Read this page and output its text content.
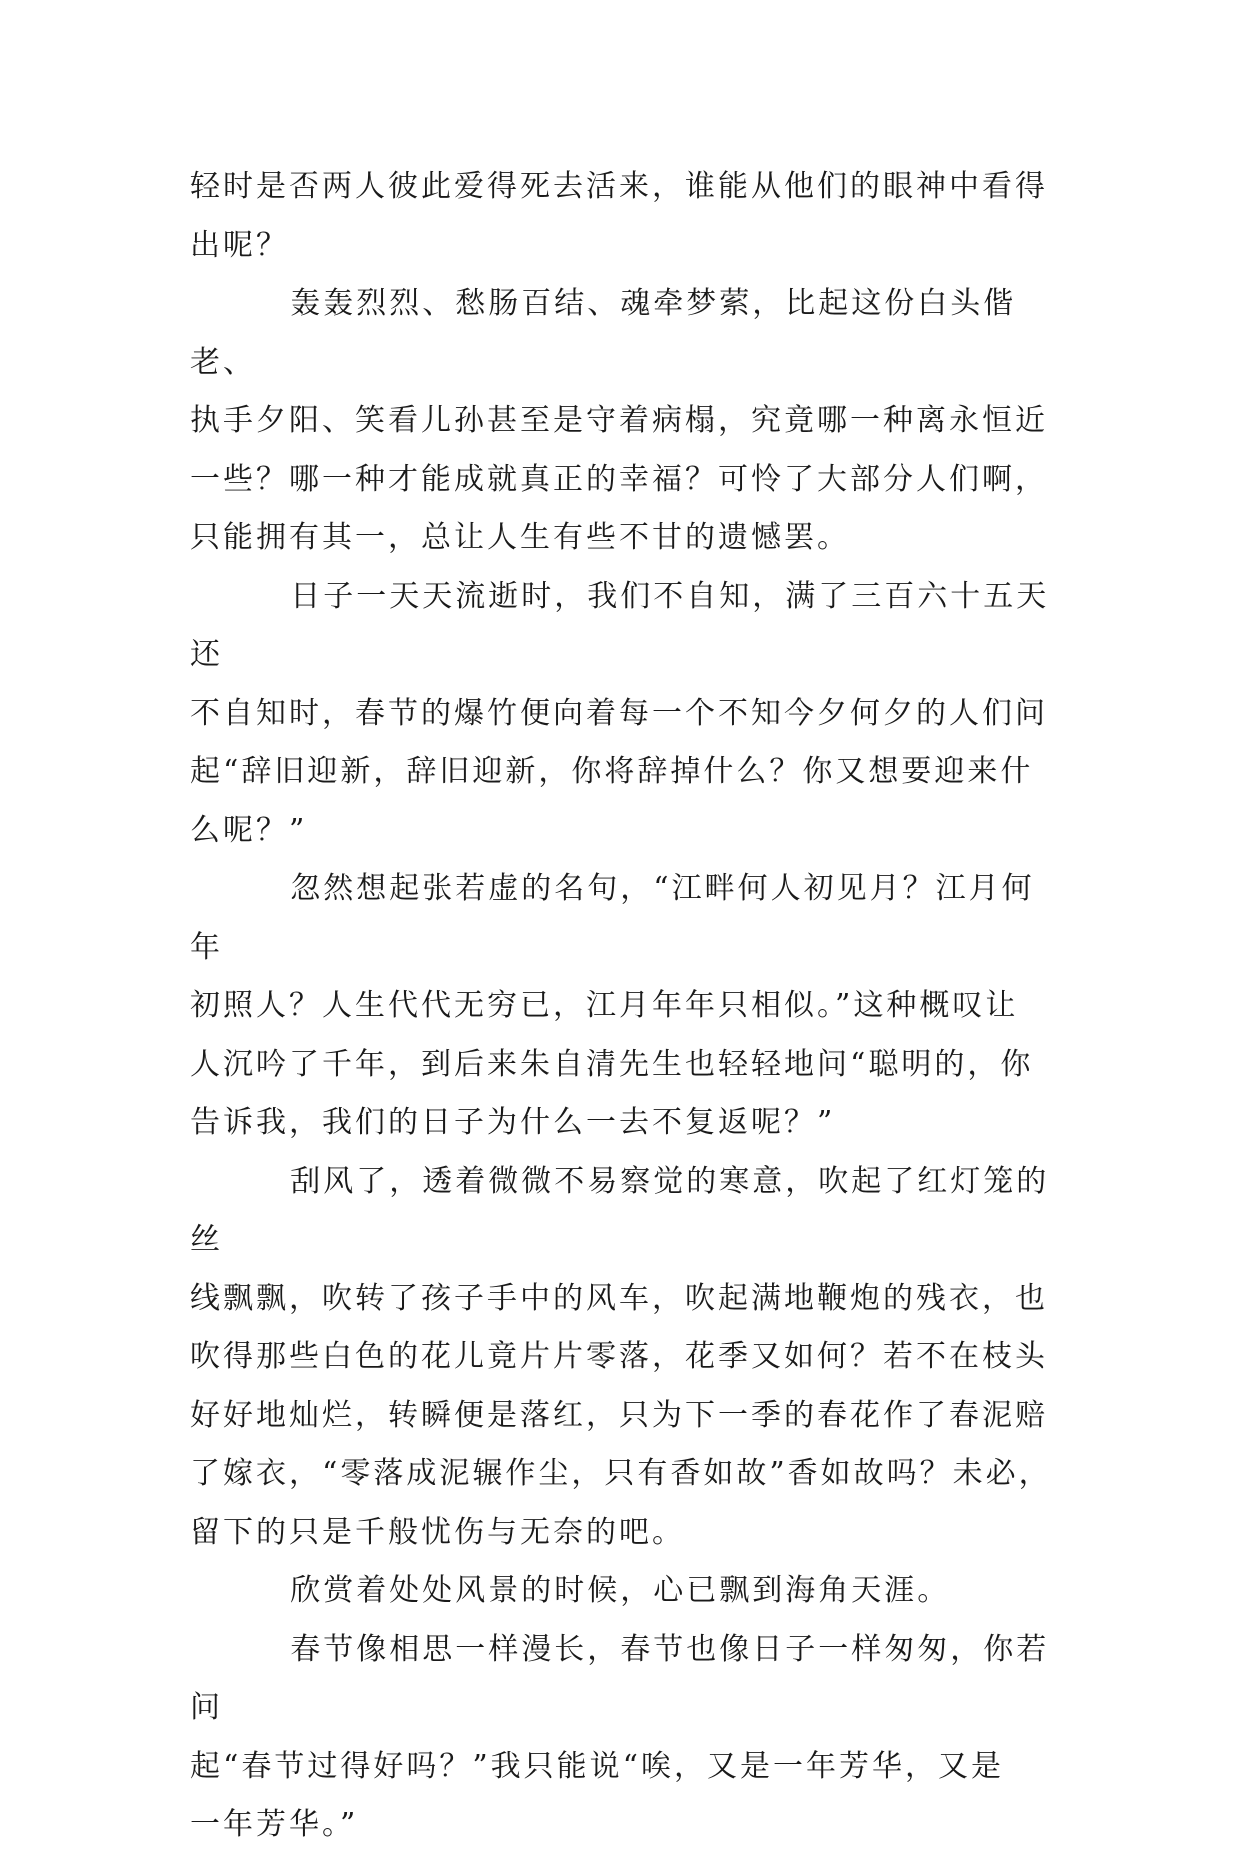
轻时是否两人彼此爱得死去活来，谁能从他们的眼神中看得
出呢？

轰轰烈烈、愁肠百结、魂牵梦萦，比起这份白头偕老、
执手夕阳、笑看儿孙甚至是守着病榻，究竟哪一种离永恒近
一些？哪一种才能成就真正的幸福？可怜了大部分人们啊，
只能拥有其一，总让人生有些不甘的遗憾罢。

日子一天天流逝时，我们不自知，满了三百六十五天还
不自知时，春节的爆竹便向着每一个不知今夕何夕的人们问
起“辞旧迎新，辞旧迎新，你将辞掉什么？你又想要迎来什
么呢？”

忽然想起张若虚的名句，“江畔何人初见月？江月何年
初照人？人生代代无穷已，江月年年只相似。”这种概叹让
人沉吟了千年，到后来朱自清先生也轻轻地问“聪明的，你
告诉我，我们的日子为什么一去不复返呢？”

刮风了，透着微微不易察觉的寒意，吹起了红灯笼的丝
线飘飘，吹转了孩子手中的风车，吹起满地鞭炮的残衣，也
吹得那些白色的花儿竟片片零落，花季又如何？若不在枝头
好好地灿烂，转瞬便是落红，只为下一季的春花作了春泥赔
了嫁衣，“零落成泥辗作尘，只有香如故”香如故吗？未必，
留下的只是千般忧伤与无奈的吧。

欣赏着处处风景的时候，心已飘到海角天涯。

春节像相思一样漫长，春节也像日子一样匆匆，你若问
起“春节过得好吗？”我只能说“唉，又是一年芳华，又是
一年芳华。”
